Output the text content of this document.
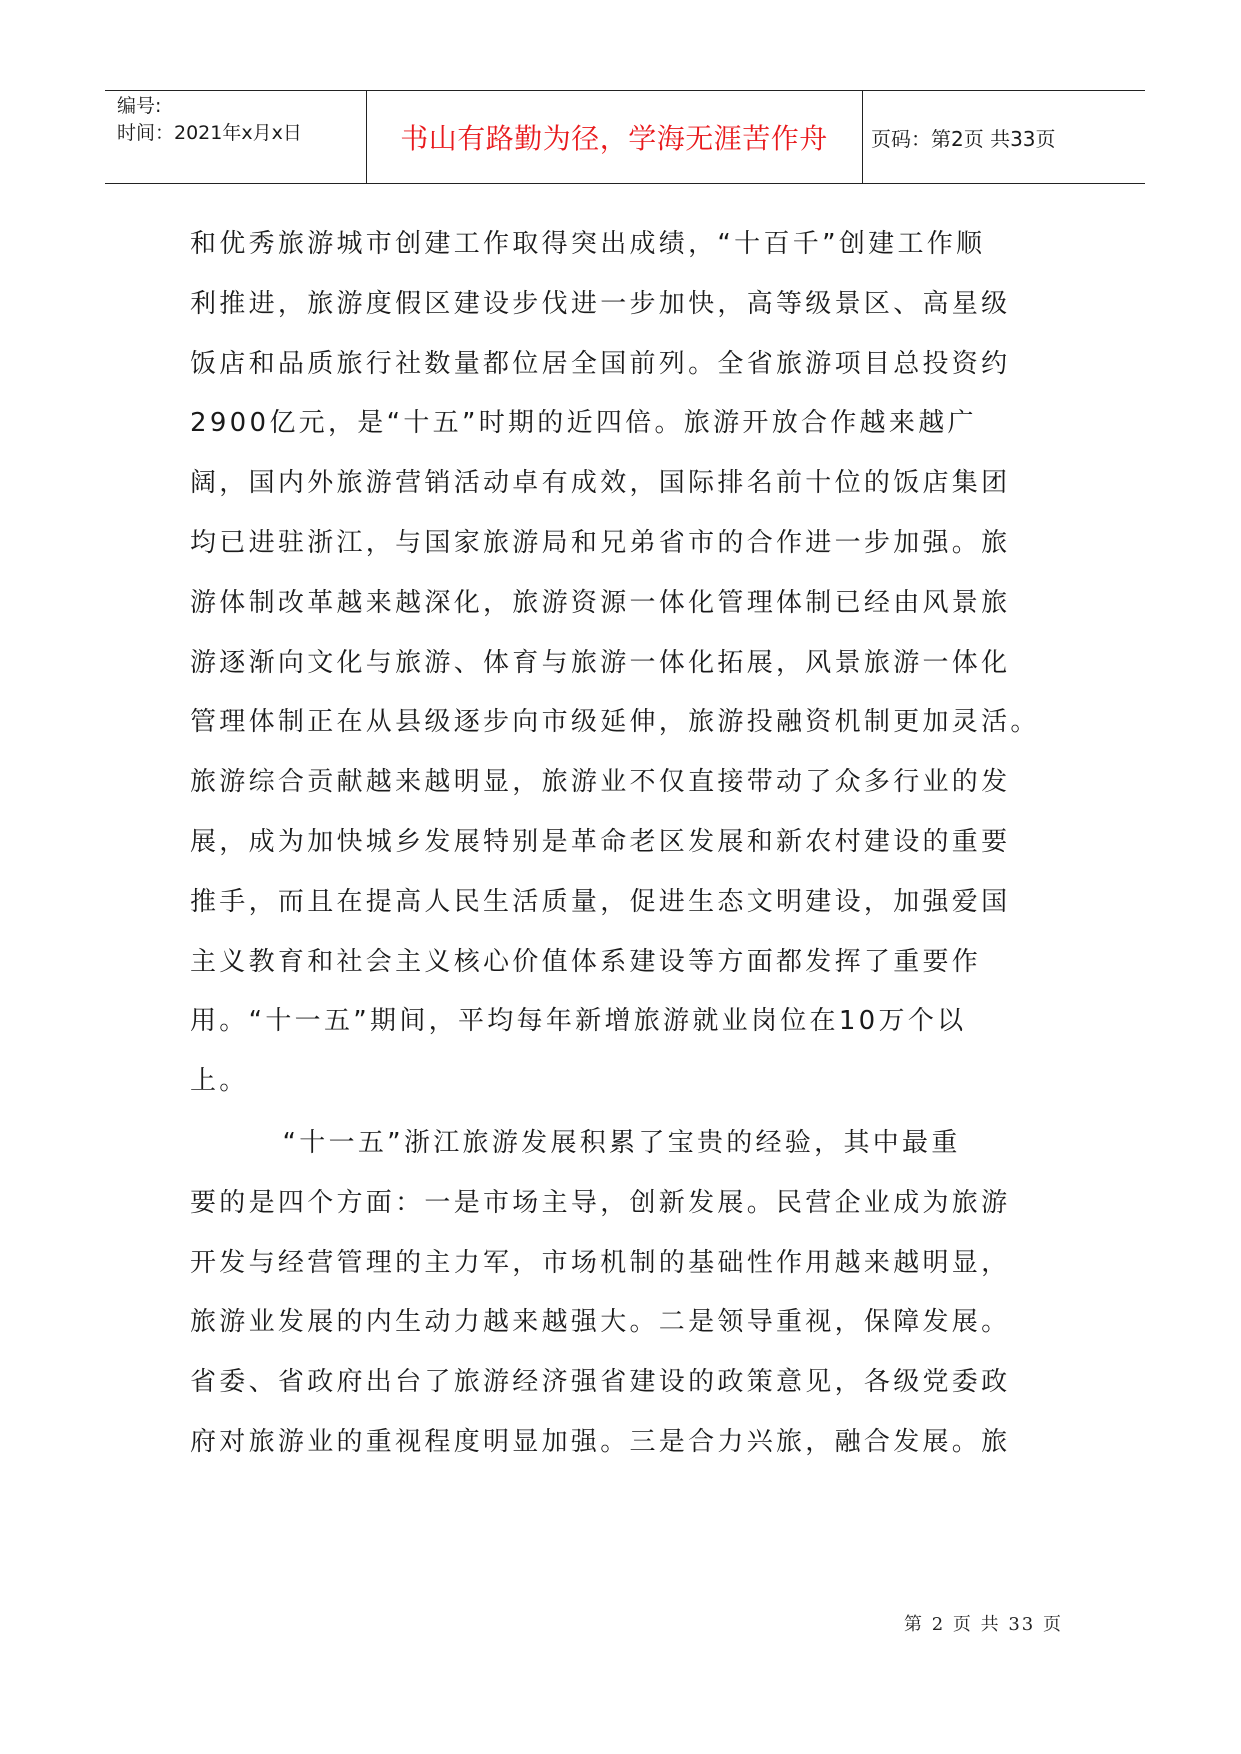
编号:
时间：2021年x月x日	书山有路勤为径，学海无涯苦作舟	页码：第2页 共33页
和优秀旅游城市创建工作取得突出成绩，“十百千”创建工作顺
利推进，旅游度假区建设步伐进一步加快，高等级景区、高星级
饭店和品质旅行社数量都位居全国前列。全省旅游项目总投资约
2900亿元，是“十五”时期的近四倍。旅游开放合作越来越广
阔，国内外旅游营销活动卓有成效，国际排名前十位的饭店集团
均已进驻浙江，与国家旅游局和兄弟省市的合作进一步加强。旅
游体制改革越来越深化，旅游资源一体化管理体制已经由风景旅
游逐渐向文化与旅游、体育与旅游一体化拓展，风景旅游一体化
管理体制正在从县级逐步向市级延伸，旅游投融资机制更加灵活。
旅游综合贡献越来越明显，旅游业不仅直接带动了众多行业的发
展，成为加快城乡发展特别是革命老区发展和新农村建设的重要
推手，而且在提高人民生活质量，促进生态文明建设，加强爱国
主义教育和社会主义核心价值体系建设等方面都发挥了重要作
用。“十一五”期间，平均每年新增旅游就业岗位在10万个以
上。
“十一五”浙江旅游发展积累了宝贵的经验，其中最重
要的是四个方面：一是市场主导，创新发展。民营企业成为旅游
开发与经营管理的主力军，市场机制的基础性作用越来越明显，
旅游业发展的内生动力越来越强大。二是领导重视，保障发展。
省委、省政府出台了旅游经济强省建设的政策意见，各级党委政
府对旅游业的重视程度明显加强。三是合力兴旅，融合发展。旅
第 2 页 共 33 页
